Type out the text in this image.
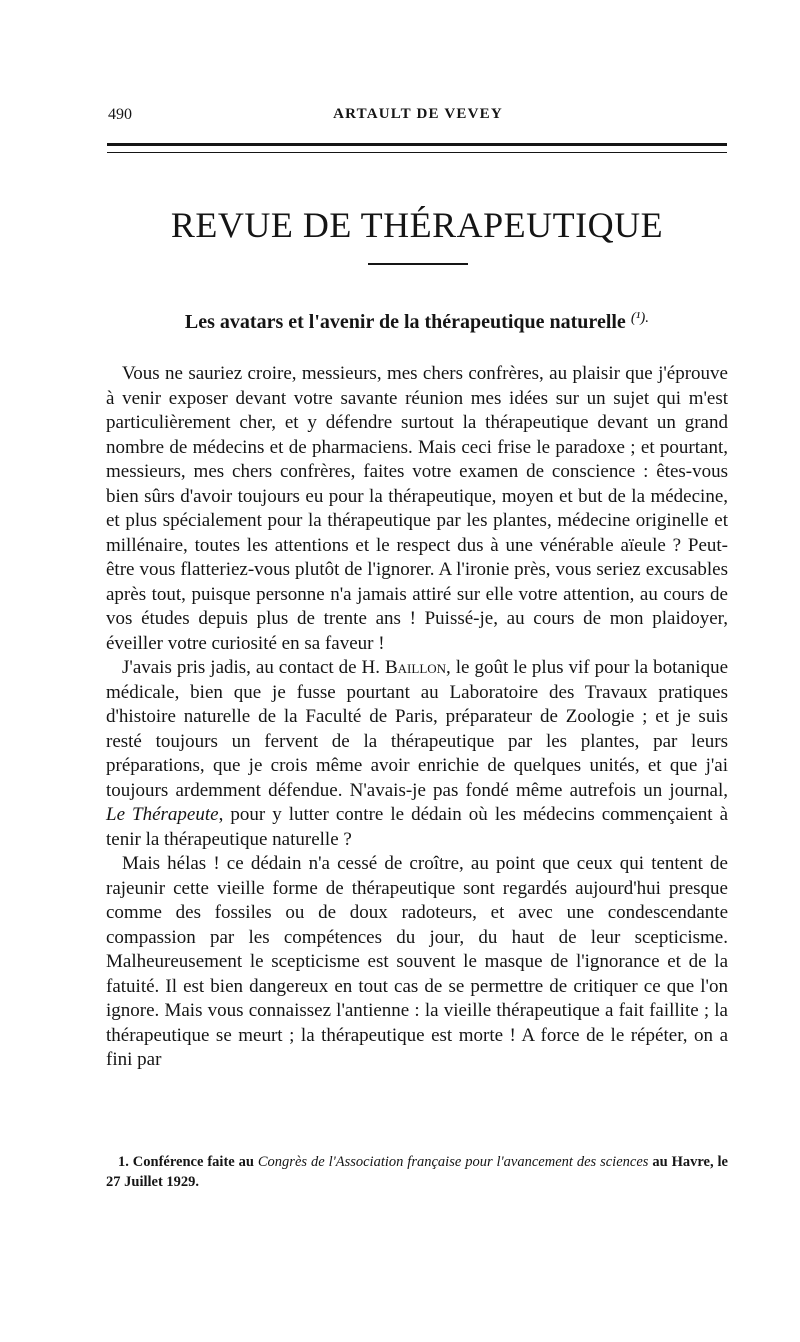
490	ARTAULT DE VEVEY
REVUE DE THÉRAPEUTIQUE
Les avatars et l'avenir de la thérapeutique naturelle $^{(^1).}$

Vous ne sauriez croire, messieurs, mes chers confrères, au plaisir que j'éprouve à venir exposer devant votre savante réunion mes idées sur un sujet qui m'est particulièrement cher, et y défendre surtout la thérapeutique devant un grand nombre de médecins et de pharmaciens. Mais ceci frise le paradoxe ; et pourtant, messieurs, mes chers confrères, faites votre examen de conscience : êtes-vous bien sûrs d'avoir toujours eu pour la thérapeutique, moyen et but de la médecine, et plus spécialement pour la thérapeutique par les plantes, médecine originelle et millénaire, toutes les attentions et le respect dus à une vénérable aïeule ? Peut-être vous flatteriez-vous plutôt de l'ignorer. A l'ironie près, vous seriez excusables après tout, puisque personne n'a jamais attiré sur elle votre attention, au cours de vos études depuis plus de trente ans ! Puissé-je, au cours de mon plaidoyer, éveiller votre curiosité en sa faveur !

J'avais pris jadis, au contact de H. Baillon, le goût le plus vif pour la botanique médicale, bien que je fusse pourtant au Laboratoire des Travaux pratiques d'histoire naturelle de la Faculté de Paris, préparateur de Zoologie ; et je suis resté toujours un fervent de la thérapeutique par les plantes, par leurs préparations, que je crois même avoir enrichie de quelques unités, et que j'ai toujours ardemment défendue. N'avais-je pas fondé même autrefois un journal, Le Thérapeute, pour y lutter contre le dédain où les médecins commençaient à tenir la thérapeutique naturelle ?

Mais hélas ! ce dédain n'a cessé de croître, au point que ceux qui tentent de rajeunir cette vieille forme de thérapeutique sont regardés aujourd'hui presque comme des fossiles ou de doux radoteurs, et avec une condescendante compassion par les compétences du jour, du haut de leur scepticisme. Malheureusement le scepticisme est souvent le masque de l'ignorance et de la fatuité. Il est bien dangereux en tout cas de se permettre de critiquer ce que l'on ignore. Mais vous connaissez l'antienne : la vieille thérapeutique a fait faillite ; la thérapeutique se meurt ; la thérapeutique est morte ! A force de le répéter, on a fini par

1. Conférence faite au Congrès de l'Association française pour l'avancement des sciences au Havre, le 27 Juillet 1929.
